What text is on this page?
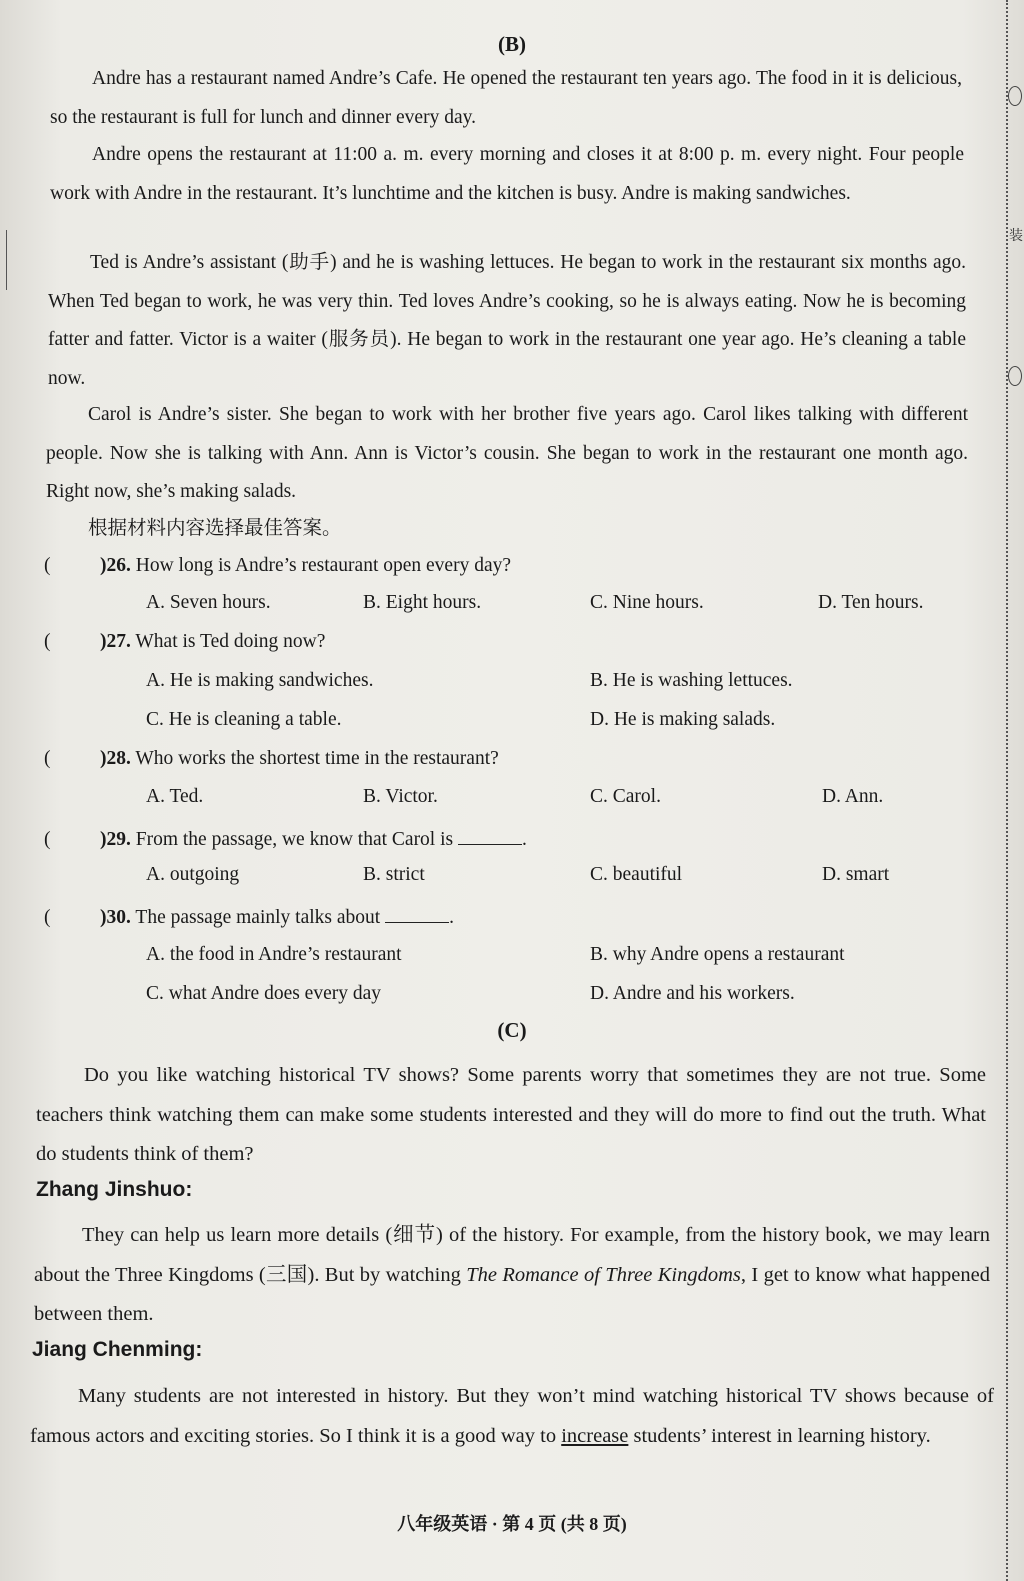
装
(B)

Andre has a restaurant named Andre’s Cafe. He opened the restaurant ten years ago. The food in it is delicious, so the restaurant is full for lunch and dinner every day.

Andre opens the restaurant at 11:00 a. m. every morning and closes it at 8:00 p. m. every night. Four people work with Andre in the restaurant. It’s lunchtime and the kitchen is busy. Andre is making sandwiches.

Ted is Andre’s assistant (助手) and he is washing lettuces. He began to work in the restaurant six months ago. When Ted began to work, he was very thin. Ted loves Andre’s cooking, so he is always eating. Now he is becoming fatter and fatter. Victor is a waiter (服务员). He began to work in the restaurant one year ago. He’s cleaning a table now.

Carol is Andre’s sister. She began to work with her brother five years ago. Carol likes talking with different people. Now she is talking with Ann. Ann is Victor’s cousin. She began to work in the restaurant one month ago. Right now, she’s making salads.

根据材料内容选择最佳答案。
(	)26. How long is Andre’s restaurant open every day?
A. Seven hours.	B. Eight hours.	C. Nine hours.	D. Ten hours.
(	)27. What is Ted doing now?
A. He is making sandwiches.	B. He is washing lettuces.
C. He is cleaning a table.	D. He is making salads.
(	)28. Who works the shortest time in the restaurant?
A. Ted.	B. Victor.	C. Carol.	D. Ann.
(	)29. From the passage, we know that Carol is	.
A. outgoing	B. strict	C. beautiful	D. smart
(	)30. The passage mainly talks about	.
A. the food in Andre’s restaurant	B. why Andre opens a restaurant
C. what Andre does every day	D. Andre and his workers.
(C)

Do you like watching historical TV shows? Some parents worry that sometimes they are not true. Some teachers think watching them can make some students interested and they will do more to find out the truth. What do students think of them?

Zhang Jinshuo:

They can help us learn more details (细节) of the history. For example, from the history book, we may learn about the Three Kingdoms (三国). But by watching The Romance of Three Kingdoms, I get to know what happened between them.

Jiang Chenming:

Many students are not interested in history. But they won’t mind watching historical TV shows because of famous actors and exciting stories. So I think it is a good way to increase students’ interest in learning history.

八年级英语 · 第 4 页 (共 8 页)
